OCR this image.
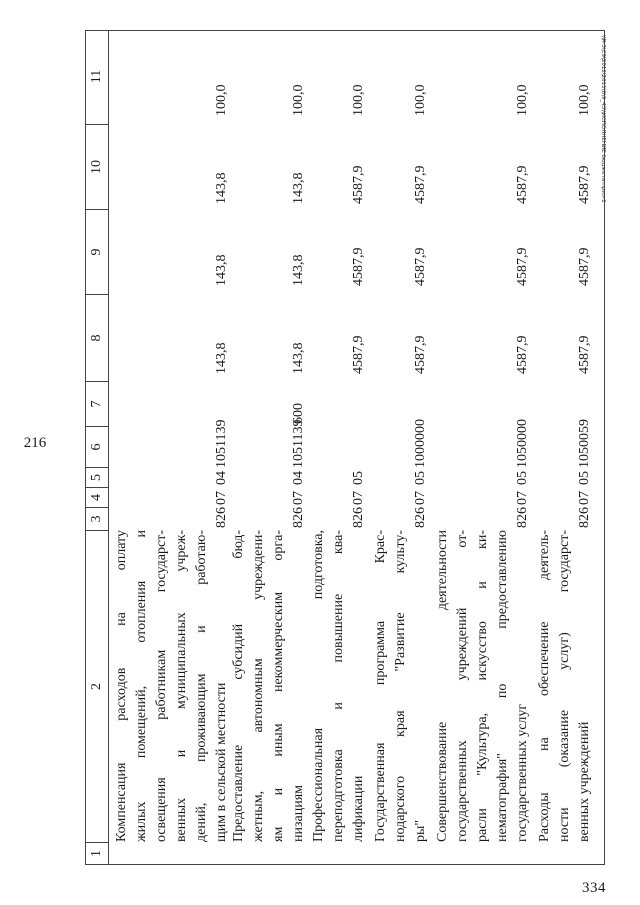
216
\\R-3\C9\2012\2011\6\9_43\\ИСПОЛНЕНИЕ бюджета-прил-2
334
1
2
3
4
5
6
7
8
9
10
11
Компенсация расходов на оплату жилых помещений, отопления и освещения работникам государст- венных и муниципальных учреж- дений, проживающим и работаю- щим в сельской местности
826
07
04
1051139
143,8
143,8
143,8
100,0
Предоставление субсидий бюд- жетным, автономным учреждени- ям и иным некоммерческим орга- низациям
826
07
04
1051139
600
143,8
143,8
143,8
100,0
Профессиональная подготовка, переподготовка и повышение ква- лификации
826
07
05
4587,9
4587,9
4587,9
100,0
Государственная программа Крас- нодарского края "Развитие культу- ры"
826
07
05
1000000
4587,9
4587,9
4587,9
100,0
Совершенствование деятельности государственных учреждений от- расли "Культура, искусство и ки- нематография" по предоставлению государственных услуг
826
07
05
1050000
4587,9
4587,9
4587,9
100,0
Расходы на обеспечение деятель- ности (оказание услуг) государст- венных учреждений
826
07
05
1050059
4587,9
4587,9
4587,9
100,0
